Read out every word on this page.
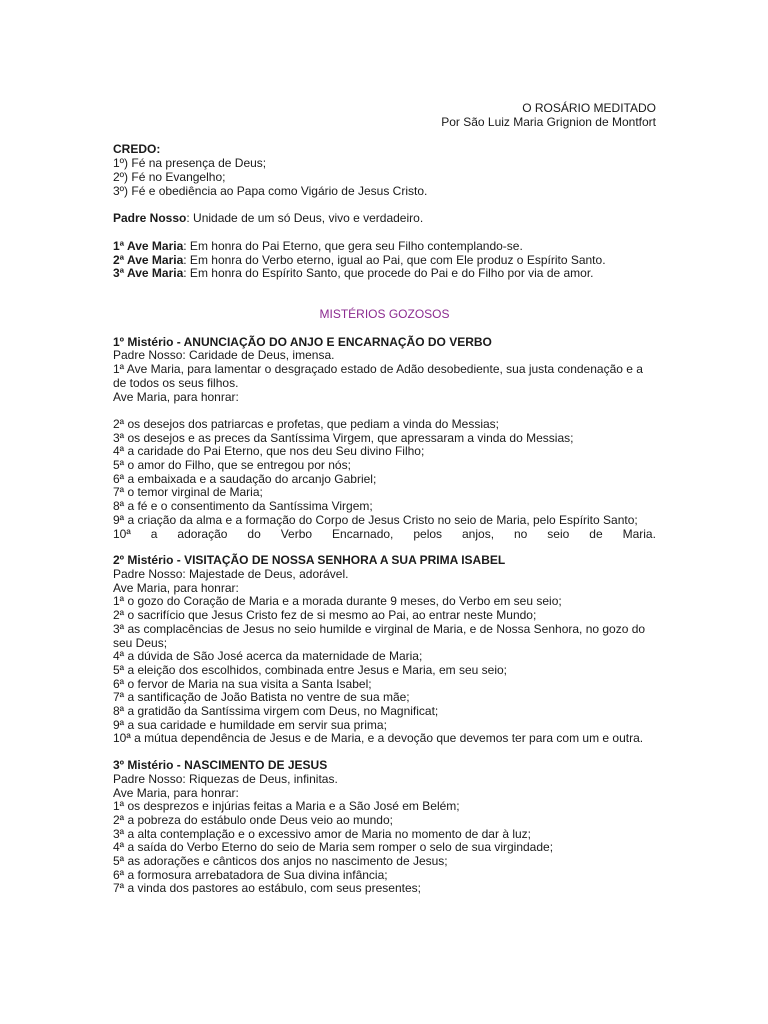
O ROSÁRIO MEDITADO
Por São Luiz Maria Grignion de Montfort
CREDO:
1º) Fé na presença de Deus;
2º) Fé no Evangelho;
3º) Fé e obediência ao Papa como Vigário de Jesus Cristo.
Padre Nosso: Unidade de um só Deus, vivo e verdadeiro.
1ª Ave Maria: Em honra do Pai Eterno, que gera seu Filho contemplando-se.
2ª Ave Maria: Em honra do Verbo eterno, igual ao Pai, que com Ele produz o Espírito Santo.
3ª Ave Maria: Em honra do Espírito Santo, que procede do Pai e do Filho por via de amor.
MISTÉRIOS GOZOSOS
1º Mistério - ANUNCIAÇÃO DO ANJO E ENCARNAÇÃO DO VERBO
Padre Nosso: Caridade de Deus, imensa.
1ª Ave Maria, para lamentar o desgraçado estado de Adão desobediente, sua justa condenação e a
de todos os seus filhos.
Ave Maria, para honrar:

2ª os desejos dos patriarcas e profetas, que pediam a vinda do Messias;
3ª os desejos e as preces da Santíssima Virgem, que apressaram a vinda do Messias;
4ª a caridade do Pai Eterno, que nos deu Seu divino Filho;
5ª o amor do Filho, que se entregou por nós;
6ª a embaixada e a saudação do arcanjo Gabriel;
7ª o temor virginal de Maria;
8ª a fé e o consentimento da Santíssima Virgem;
9ª a criação da alma e a formação do Corpo de Jesus Cristo no seio de Maria, pelo Espírito Santo;
10ª a adoração do Verbo Encarnado, pelos anjos, no seio de Maria.
2º Mistério - VISITAÇÃO DE NOSSA SENHORA A SUA PRIMA ISABEL
Padre Nosso: Majestade de Deus, adorável.
Ave Maria, para honrar:
1ª o gozo do Coração de Maria e a morada durante 9 meses, do Verbo em seu seio;
2ª o sacrifício que Jesus Cristo fez de si mesmo ao Pai, ao entrar neste Mundo;
3ª as complacências de Jesus no seio humilde e virginal de Maria, e de Nossa Senhora, no gozo do
seu Deus;
4ª a dúvida de São José acerca da maternidade de Maria;
5ª a eleição dos escolhidos, combinada entre Jesus e Maria, em seu seio;
6ª o fervor de Maria na sua visita a Santa Isabel;
7ª a santificação de João Batista no ventre de sua mãe;
8ª a gratidão da Santíssima virgem com Deus, no Magnificat;
9ª a sua caridade e humildade em servir sua prima;
10ª a mútua dependência de Jesus e de Maria, e a devoção que devemos ter para com um e outra.
3º Mistério - NASCIMENTO DE JESUS
Padre Nosso: Riquezas de Deus, infinitas.
Ave Maria, para honrar:
1ª os desprezos e injúrias feitas a Maria e a São José em Belém;
2ª a pobreza do estábulo onde Deus veio ao mundo;
3ª a alta contemplação e o excessivo amor de Maria no momento de dar à luz;
4ª a saída do Verbo Eterno do seio de Maria sem romper o selo de sua virgindade;
5ª as adorações e cânticos dos anjos no nascimento de Jesus;
6ª a formosura arrebatadora de Sua divina infância;
7ª a vinda dos pastores ao estábulo, com seus presentes;
